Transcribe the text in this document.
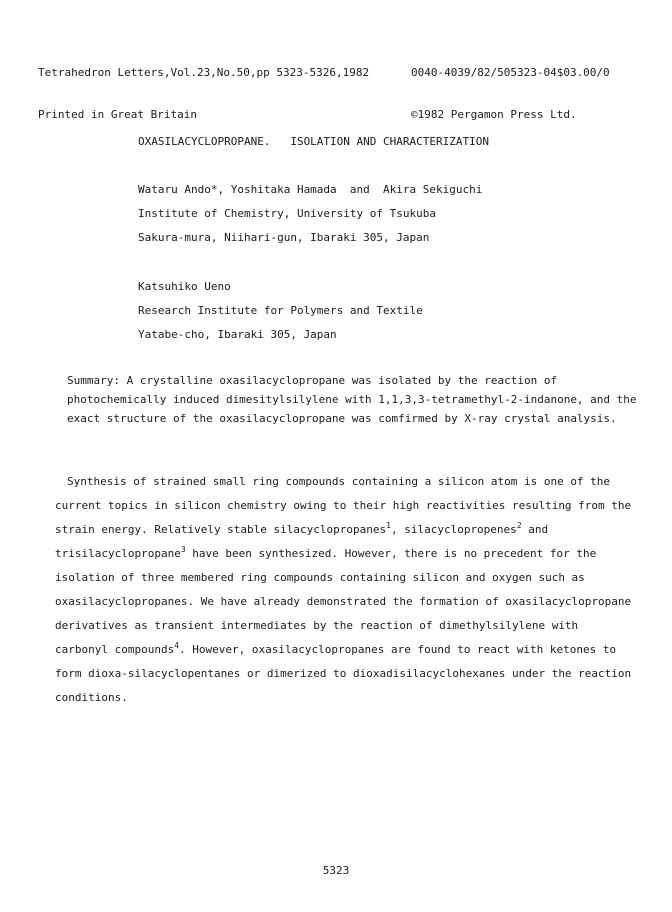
Tetrahedron Letters,Vol.23,No.50,pp 5323-5326,1982

Printed in Great Britain

0040-4039/82/505323-04$03.00/0

©1982 Pergamon Press Ltd.

OXASILACYCLOPROPANE.   ISOLATION AND CHARACTERIZATION
Wataru Ando*, Yoshitaka Hamada  and  Akira Sekiguchi
Institute of Chemistry, University of Tsukuba
Sakura-mura, Niihari-gun, Ibaraki 305, Japan
Katsuhiko Ueno
Research Institute for Polymers and Textile
Yatabe-cho, Ibaraki 305, Japan
Summary: A crystalline oxasilacyclopropane was isolated by the reaction of photochemically induced dimesitylsilylene with 1,1,3,3-tetramethyl-2-indanone, and the exact structure of the oxasilacyclopropane was comfirmed by X-ray crystal analysis.
Synthesis of strained small ring compounds containing a silicon atom is one of the current topics in silicon chemistry owing to their high reactivities resulting from the strain energy. Relatively stable silacyclopropanes$^1$, silacyclopropenes$^2$ and trisilacyclopropane$^3$ have been synthesized. However, there is no precedent for the isolation of three membered ring compounds containing silicon and oxygen such as oxasilacyclopropanes. We have already demonstrated the formation of oxasilacyclopropane derivatives as transient intermediates by the reaction of dimethylsilylene with carbonyl compounds$^4$. However, oxasilacyclopropanes are found to react with ketones to form dioxa-silacyclopentanes or dimerized to dioxadisilacyclohexanes under the reaction conditions.
5323
